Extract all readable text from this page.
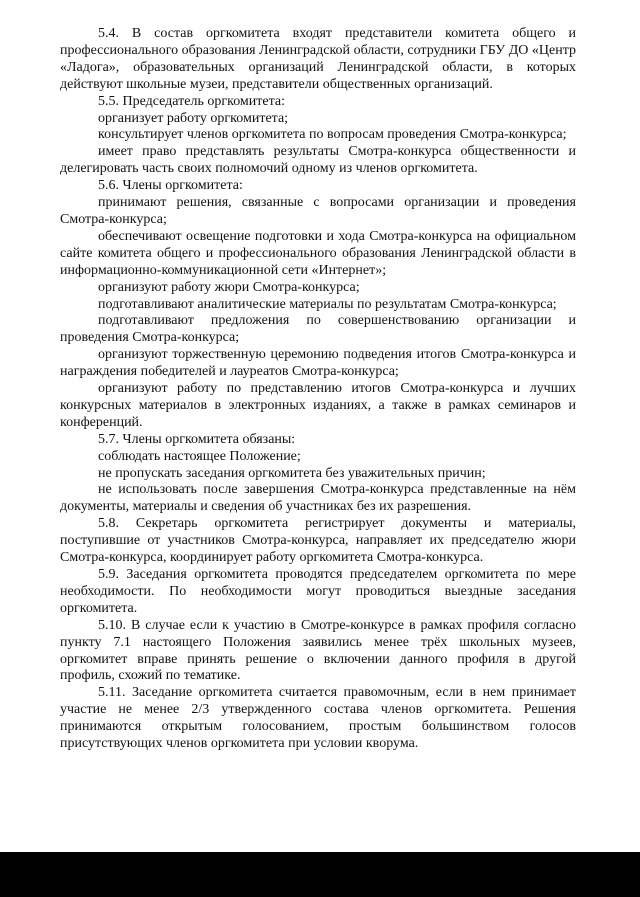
5.4. В состав оргкомитета входят представители комитета общего и профессионального образования Ленинградской области, сотрудники ГБУ ДО «Центр «Ладога», образовательных организаций Ленинградской области, в которых действуют школьные музеи, представители общественных организаций.

5.5. Председатель оргкомитета:

организует работу оргкомитета;

консультирует членов оргкомитета по вопросам проведения Смотра-конкурса;

имеет право представлять результаты Смотра-конкурса общественности и делегировать часть своих полномочий одному из членов оргкомитета.

5.6. Члены оргкомитета:

принимают решения, связанные с вопросами организации и проведения Смотра-конкурса;

обеспечивают освещение подготовки и хода Смотра-конкурса на официальном сайте комитета общего и профессионального образования Ленинградской области в информационно-коммуникационной сети «Интернет»;

организуют работу жюри Смотра-конкурса;

подготавливают аналитические материалы по результатам Смотра-конкурса;

подготавливают предложения по совершенствованию организации и проведения Смотра-конкурса;

организуют торжественную церемонию подведения итогов Смотра-конкурса и награждения победителей и лауреатов Смотра-конкурса;

организуют работу по представлению итогов Смотра-конкурса и лучших конкурсных материалов в электронных изданиях, а также в рамках семинаров и конференций.

5.7. Члены оргкомитета обязаны:

соблюдать настоящее Положение;

не пропускать заседания оргкомитета без уважительных причин;

не использовать после завершения Смотра-конкурса представленные на нём документы, материалы и сведения об участниках без их разрешения.

5.8. Секретарь оргкомитета регистрирует документы и материалы, поступившие от участников Смотра-конкурса, направляет их председателю жюри Смотра-конкурса, координирует работу оргкомитета Смотра-конкурса.

5.9. Заседания оргкомитета проводятся председателем оргкомитета по мере необходимости. По необходимости могут проводиться выездные заседания оргкомитета.

5.10. В случае если к участию в Смотре-конкурсе в рамках профиля согласно пункту 7.1 настоящего Положения заявились менее трёх школьных музеев, оргкомитет вправе принять решение о включении данного профиля в другой профиль, схожий по тематике.

5.11. Заседание оргкомитета считается правомочным, если в нем принимает участие не менее 2/3 утвержденного состава членов оргкомитета. Решения принимаются открытым голосованием, простым большинством голосов присутствующих членов оргкомитета при условии кворума.
